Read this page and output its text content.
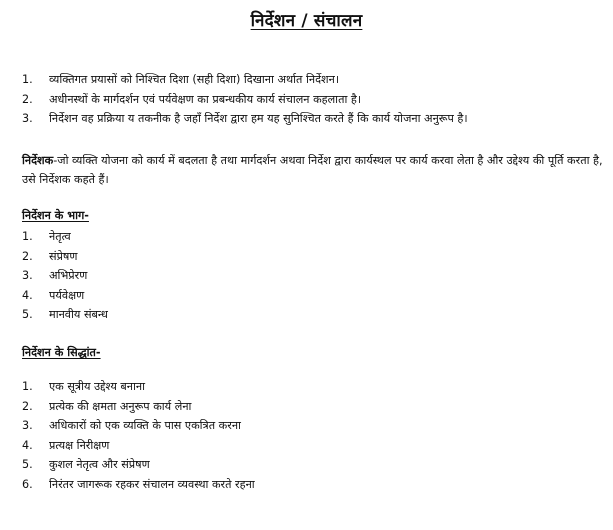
निर्देशन / संचालन
1.	व्यक्तिगत प्रयासों को निश्चित दिशा (सही दिशा) दिखाना अर्थात निर्देशन।
2.	अधीनस्थों के मार्गदर्शन एवं पर्यवेक्षण का प्रबन्धकीय कार्य संचालन कहलाता है।
3.	निर्देशन वह प्रक्रिया य तकनीक है जहाँ निर्देश द्वारा हम यह सुनिश्चित करते हैं कि कार्य योजना अनुरूप है।
निर्देशक-जो व्यक्ति योजना को कार्य में बदलता है तथा मार्गदर्शन अथवा निर्देश द्वारा कार्यस्थल पर कार्य करवा लेता है और उद्देश्य की पूर्ति करता है, उसे निर्देशक कहते हैं।
निर्देशन के भाग-
1.	नेतृत्व
2.	संप्रेषण
3.	अभिप्रेरण
4.	पर्यवेक्षण
5.	मानवीय संबन्ध
निर्देशन के सिद्धांत-
1.	एक सूत्रीय उद्देश्य बनाना
2.	प्रत्येक की क्षमता अनुरूप कार्य लेना
3.	अधिकारों को एक व्यक्ति के पास एकत्रित करना
4.	प्रत्यक्ष निरीक्षण
5.	कुशल नेतृत्व और संप्रेषण
6.	निरंतर जागरूक रहकर संचालन व्यवस्था करते रहना
